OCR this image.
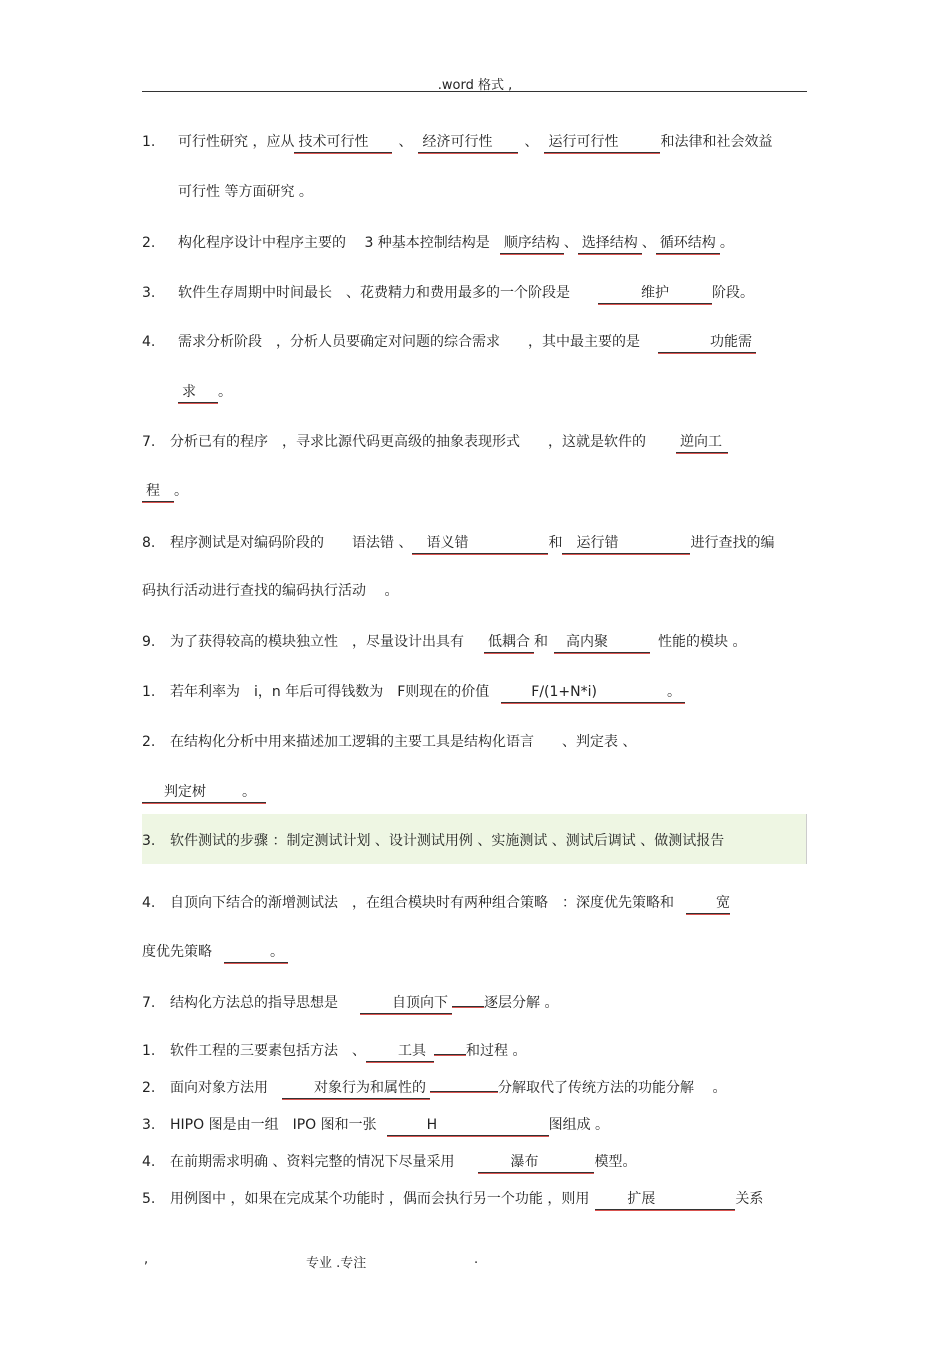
.word 格式 ,
1. 可行性研究 ，应从 技术可行性 、 经济可行性 、 运行可行性	和法律和社会效益
可行性 等方面研究 。
2. 构化程序设计中程序主要的　 3 种基本控制结构是 顺序结构 、 选择结构 、 循环结构 。
3. 软件生存周期中时间最长　、花费精力和费用最多的一个阶段是	维护	阶段。
4. 需求分析阶段　，分析人员要确定对问题的综合需求　　，其中最主要的是	功能需
求 。
7. 分析已有的程序　，寻求比源代码更高级的抽象表现形式　　，这就是软件的 逆向工
程 。
8. 程序测试是对编码阶段的　　语法错 、 语义错	和 运行错	进行查找的编
码执行活动进行查找的编码执行活动　 。
9. 为了获得较高的模块独立性　，尽量设计出具有 低耦合 和 高内聚	性能的模块 。
1. 若年利率为　i，n 年后可得钱数为　F则现在的价值	F/(1+N*i)　　　　　。
2. 在结构化分析中用来描述加工逻辑的主要工具是结构化语言　　、判定表 、
判定树	。
3. 软件测试的步骤 ：制定测试计划 、设计测试用例 、实施测试 、测试后调试 、做测试报告
4. 自顶向下结合的渐增测试法　，在组合模块时有两种组合策略　：深度优先策略和	宽
度优先策略　　　。
7. 结构化方法总的指导思想是	自顶向下	逐层分解 。
1. 软件工程的三要素包括方法　、 工具	和过程 。
2. 面向对象方法用	对象行为和属性的	分解取代了传统方法的功能分解　 。
3. HIPO 图是由一组　IPO 图和一张	H	图组成 。
4. 在前期需求明确 、资料完整的情况下尽量采用	瀑布	模型。
5. 用例图中 ，如果在完成某个功能时 ，偶而会执行另一个功能 ，则用	扩展	关系
,	专业 .专注	.
